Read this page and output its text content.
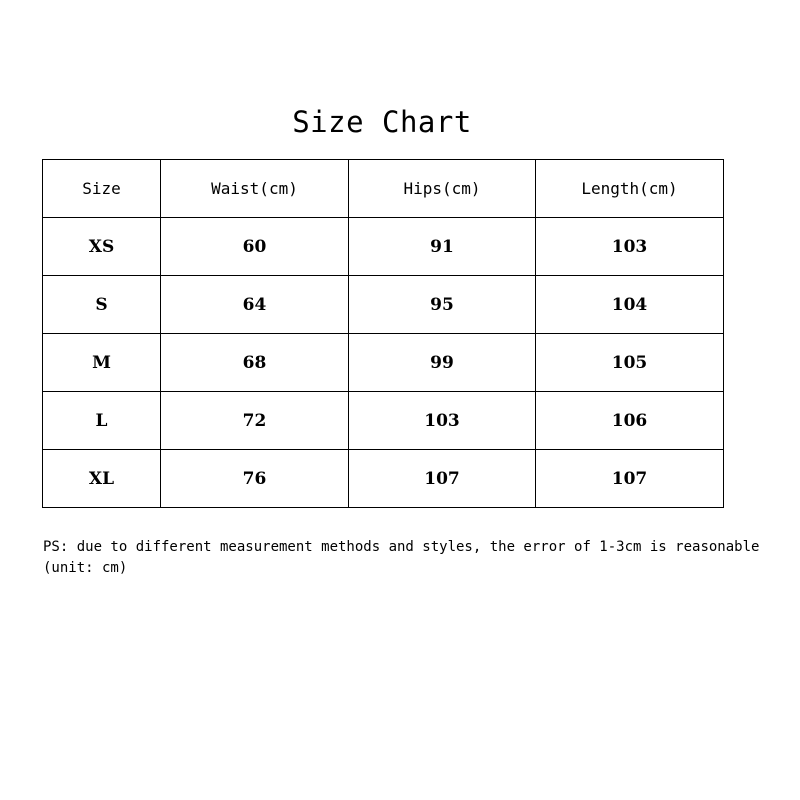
Size Chart
Size	Waist(cm)	Hips(cm)	Length(cm)
XS	60	91	103
S	64	95	104
M	68	99	105
L	72	103	106
XL	76	107	107
PS: due to different measurement methods and styles, the error of 1-3cm is reasonable (unit: cm)
